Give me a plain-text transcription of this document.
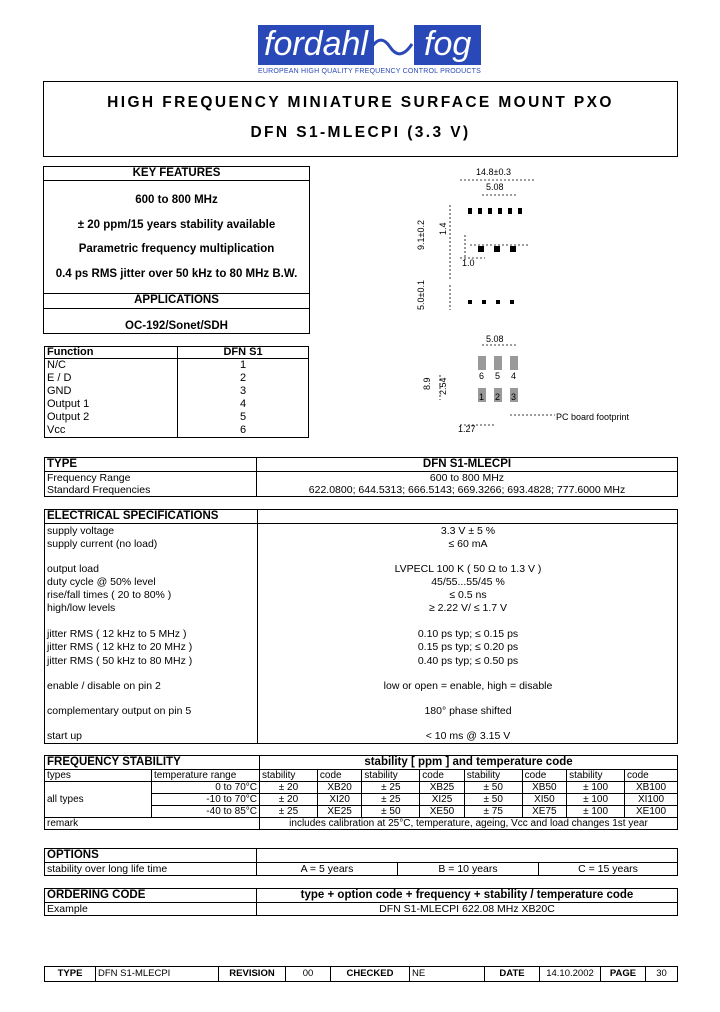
fordahl fog
EUROPEAN HIGH QUALITY FREQUENCY CONTROL PRODUCTS
HIGH FREQUENCY MINIATURE SURFACE MOUNT PXO
DFN S1-MLECPI (3.3 V)
KEY FEATURES
600 to 800 MHz
± 20 ppm/15 years stability available
Parametric frequency multiplication
0.4 ps RMS jitter over 50 kHz to 80 MHz B.W.
APPLICATIONS
OC-192/Sonet/SDH
Function	DFN S1
N/C	1
E / D	2
GND	3
Output 1	4
Output 2	5
Vcc	6
14.8±0.3
5.08
9.1±0.2 1.4
1.0
5.0±0.1
5.08
6 5 4
1 2 3
8.9 2.54
1.27
PC board footprint
TYPE	DFN S1-MLECPI
Frequency Range	600 to 800 MHz
Standard Frequencies	622.0800; 644.5313; 666.5143; 669.3266; 693.4828; 777.6000 MHz
ELECTRICAL SPECIFICATIONS
supply voltage	3.3 V ± 5 %
supply current (no load)	≤ 60 mA
output load	LVPECL 100 K ( 50 Ω to 1.3 V )
duty cycle @ 50% level	45/55...55/45 %
rise/fall times ( 20 to 80% )	≤ 0.5 ns
high/low levels	≥ 2.22 V/ ≤ 1.7 V
jitter RMS ( 12 kHz to 5 MHz )	0.10 ps typ; ≤ 0.15 ps
jitter RMS ( 12 kHz to 20 MHz )	0.15 ps typ; ≤ 0.20 ps
jitter RMS ( 50 kHz to 80 MHz )	0.40 ps typ; ≤ 0.50 ps
enable / disable on pin 2	low or open = enable, high = disable
complementary output on pin 5	180° phase shifted
start up	< 10 ms @ 3.15 V
FREQUENCY STABILITY		stability [ ppm ] and temperature code							
types	temperature range	stability	code	stability	code	stability	code	stability	code
all types	0 to 70°C	± 20	XB20	± 25	XB25	± 50	XB50	± 100	XB100
	-10 to 70°C	± 20	XI20	± 25	XI25	± 50	XI50	± 100	XI100
	-40 to 85°C	± 25	XE25	± 50	XE50	± 75	XE75	± 100	XE100
remark		includes calibration at 25°C, temperature, ageing, Vcc and load changes 1st year							
OPTIONS			
stability over long life time	A = 5 years	B = 10 years	C = 15 years
ORDERING CODE	type + option code + frequency + stability / temperature code
Example	DFN S1-MLECPI 622.08 MHz XB20C
TYPE	DFN S1-MLECPI	REVISION	00	CHECKED	NE	DATE	14.10.2002	PAGE	30
